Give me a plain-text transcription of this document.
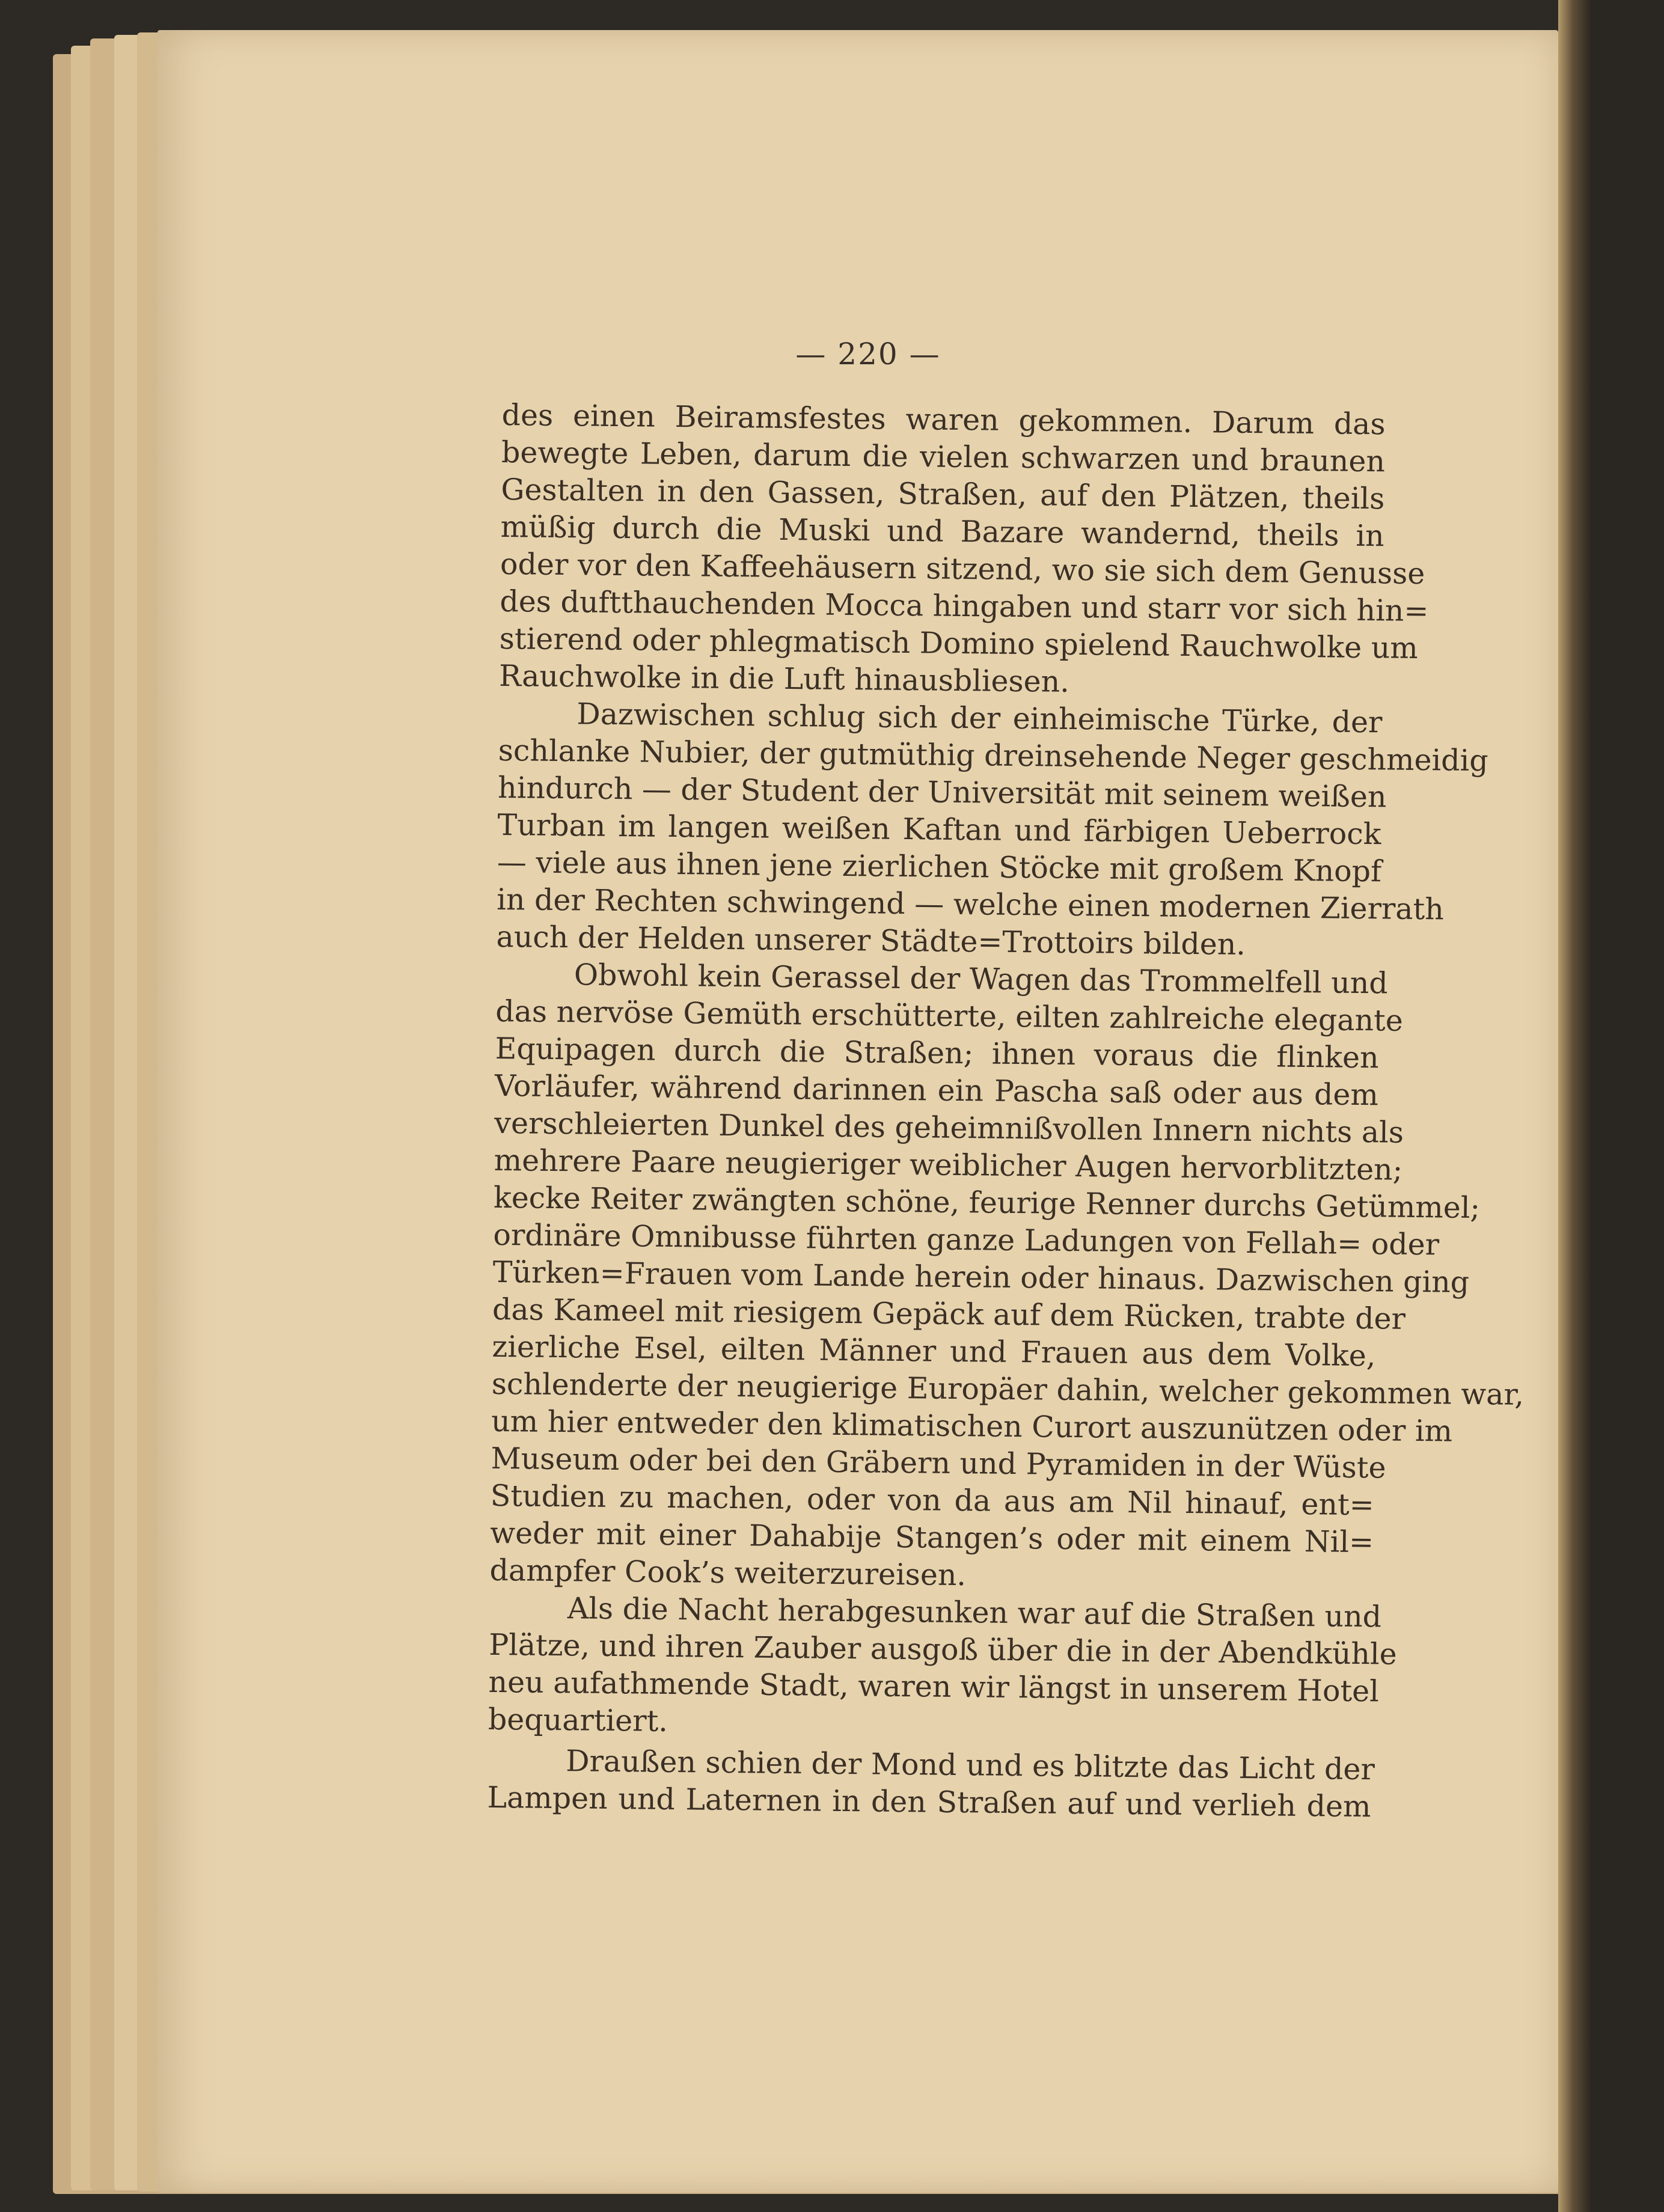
— 220 —
des einen Beiramsfestes waren gekommen. Darum das
bewegte Leben, darum die vielen schwarzen und braunen
Gestalten in den Gassen, Straßen, auf den Plätzen, theils
müßig durch die Muski und Bazare wandernd, theils in
oder vor den Kaffeehäusern sitzend, wo sie sich dem Genusse
des duftthauchenden Mocca hingaben und starr vor sich hin=
stierend oder phlegmatisch Domino spielend Rauchwolke um
Rauchwolke in die Luft hinausbliesen.
Dazwischen schlug sich der einheimische Türke, der
schlanke Nubier, der gutmüthig dreinsehende Neger geschmeidig
hindurch — der Student der Universität mit seinem weißen
Turban im langen weißen Kaftan und färbigen Ueberrock
— viele aus ihnen jene zierlichen Stöcke mit großem Knopf
in der Rechten schwingend — welche einen modernen Zierrath
auch der Helden unserer Städte=Trottoirs bilden.
Obwohl kein Gerassel der Wagen das Trommelfell und
das nervöse Gemüth erschütterte, eilten zahlreiche elegante
Equipagen durch die Straßen; ihnen voraus die flinken
Vorläufer, während darinnen ein Pascha saß oder aus dem
verschleierten Dunkel des geheimnißvollen Innern nichts als
mehrere Paare neugieriger weiblicher Augen hervorblitzten;
kecke Reiter zwängten schöne, feurige Renner durchs Getümmel;
ordinäre Omnibusse führten ganze Ladungen von Fellah= oder
Türken=Frauen vom Lande herein oder hinaus. Dazwischen ging
das Kameel mit riesigem Gepäck auf dem Rücken, trabte der
zierliche Esel, eilten Männer und Frauen aus dem Volke,
schlenderte der neugierige Europäer dahin, welcher gekommen war,
um hier entweder den klimatischen Curort auszunützen oder im
Museum oder bei den Gräbern und Pyramiden in der Wüste
Studien zu machen, oder von da aus am Nil hinauf, ent=
weder mit einer Dahabije Stangen’s oder mit einem Nil=
dampfer Cook’s weiterzureisen.
Als die Nacht herabgesunken war auf die Straßen und
Plätze, und ihren Zauber ausgoß über die in der Abendkühle
neu aufathmende Stadt, waren wir längst in unserem Hotel
bequartiert.
Draußen schien der Mond und es blitzte das Licht der
Lampen und Laternen in den Straßen auf und verlieh dem
